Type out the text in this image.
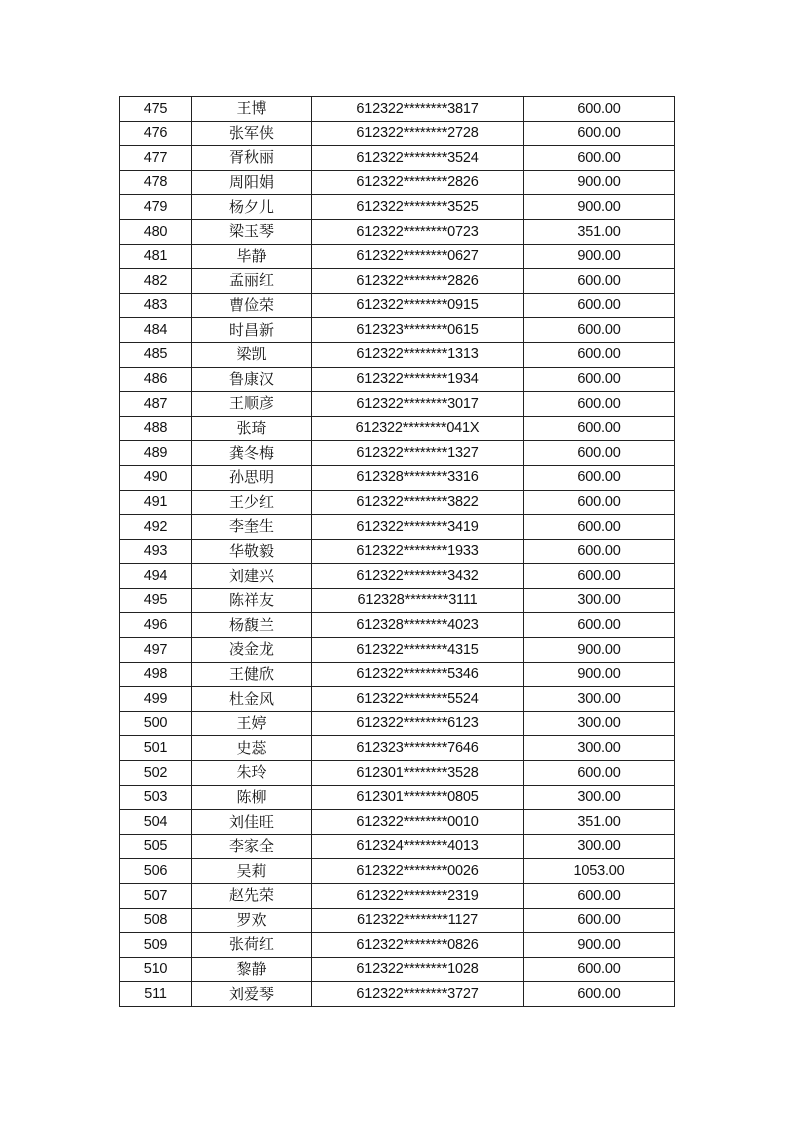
475	王博	612322********3817	600.00
476	张军侠	612322********2728	600.00
477	胥秋丽	612322********3524	600.00
478	周阳娟	612322********2826	900.00
479	杨夕儿	612322********3525	900.00
480	梁玉琴	612322********0723	351.00
481	毕静	612322********0627	900.00
482	孟丽红	612322********2826	600.00
483	曹俭荣	612322********0915	600.00
484	时昌新	612323********0615	600.00
485	梁凯	612322********1313	600.00
486	鲁康汉	612322********1934	600.00
487	王顺彦	612322********3017	600.00
488	张琦	612322********041X	600.00
489	龚冬梅	612322********1327	600.00
490	孙思明	612328********3316	600.00
491	王少红	612322********3822	600.00
492	李奎生	612322********3419	600.00
493	华敬毅	612322********1933	600.00
494	刘建兴	612322********3432	600.00
495	陈祥友	612328********3111	300.00
496	杨馥兰	612328********4023	600.00
497	凌金龙	612322********4315	900.00
498	王健欣	612322********5346	900.00
499	杜金风	612322********5524	300.00
500	王婷	612322********6123	300.00
501	史蕊	612323********7646	300.00
502	朱玲	612301********3528	600.00
503	陈柳	612301********0805	300.00
504	刘佳旺	612322********0010	351.00
505	李家全	612324********4013	300.00
506	吴莉	612322********0026	1053.00
507	赵先荣	612322********2319	600.00
508	罗欢	612322********1127	600.00
509	张荷红	612322********0826	900.00
510	黎静	612322********1028	600.00
511	刘爱琴	612322********3727	600.00
